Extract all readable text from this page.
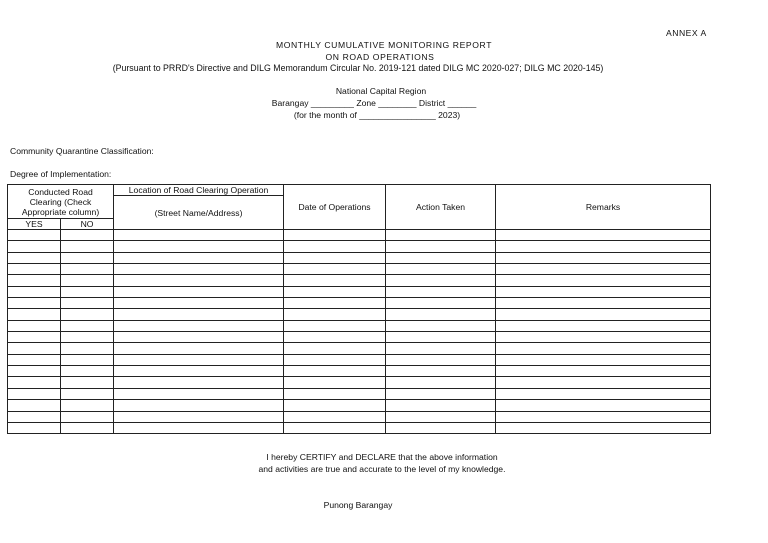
ANNEX A
MONTHLY CUMULATIVE MONITORING REPORT
ON ROAD OPERATIONS
(Pursuant to PRRD's Directive and DILG Memorandum Circular No. 2019-121 dated DILG MC 2020-027; DILG MC 2020-145)
National Capital Region
Barangay _________ Zone ________ District ______
(for the month of ________________ 2023)
Community Quarantine Classification:
Degree of Implementation:
Conducted Road
Clearing (Check
Appropriate column)		Location of Road Clearing Operation	Date of Operations	Action Taken	Remarks
		(Street Name/Address)			
YES	NO				

I hereby CERTIFY and DECLARE that the above information
and activities are true and accurate to the level of my knowledge.
Punong Barangay
